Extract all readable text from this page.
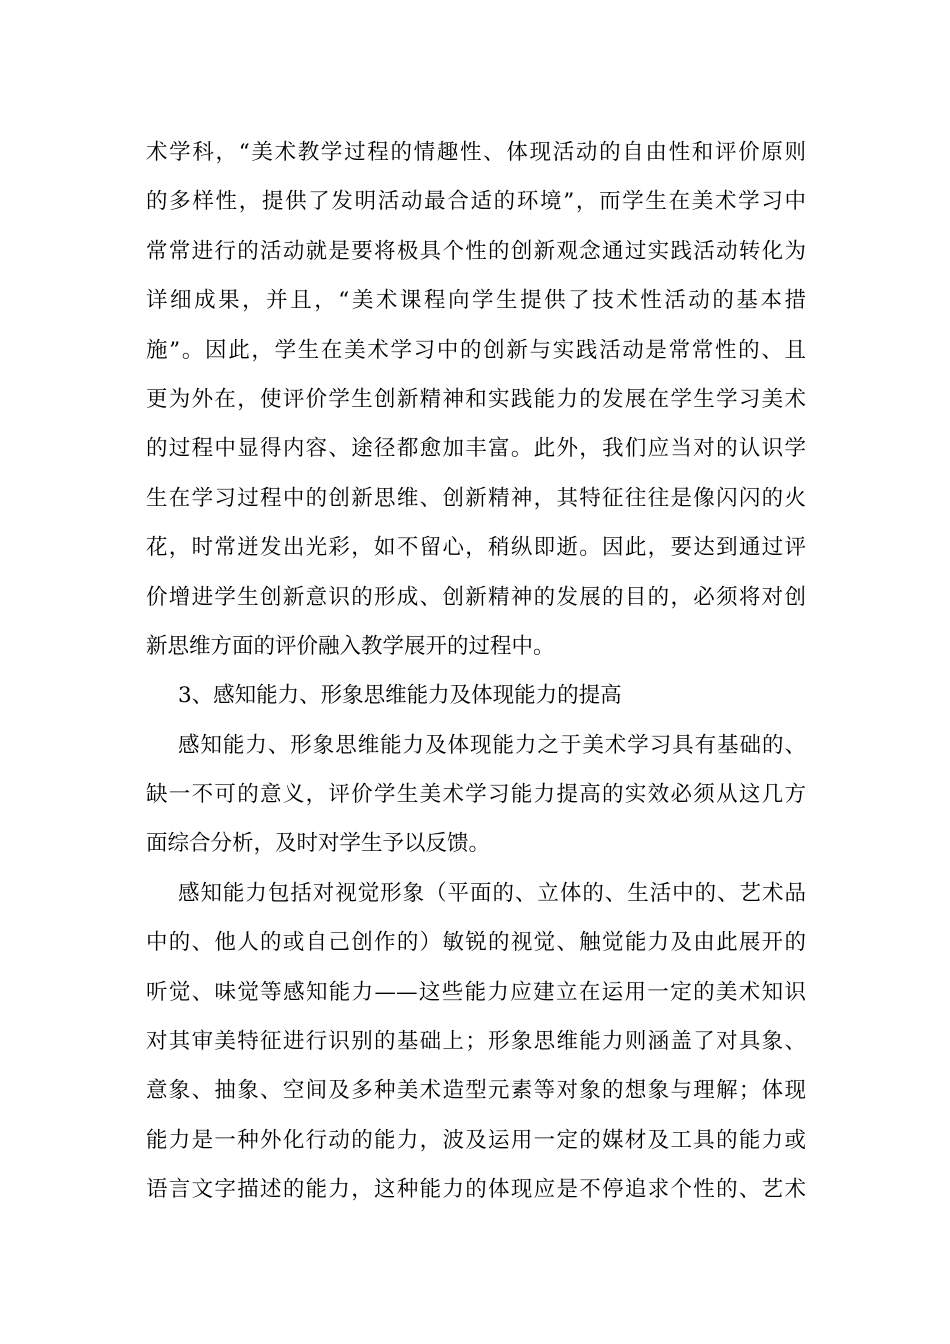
术学科，“美术教学过程的情趣性、体现活动的自由性和评价原则
的多样性，提供了发明活动最合适的环境”，而学生在美术学习中
常常进行的活动就是要将极具个性的创新观念通过实践活动转化为
详细成果，并且，“美术课程向学生提供了技术性活动的基本措
施”。因此，学生在美术学习中的创新与实践活动是常常性的、且
更为外在，使评价学生创新精神和实践能力的发展在学生学习美术
的过程中显得内容、途径都愈加丰富。此外，我们应当对的认识学
生在学习过程中的创新思维、创新精神，其特征往往是像闪闪的火
花，时常迸发出光彩，如不留心，稍纵即逝。因此，要达到通过评
价增进学生创新意识的形成、创新精神的发展的目的，必须将对创
新思维方面的评价融入教学展开的过程中。
3、感知能力、形象思维能力及体现能力的提高
感知能力、形象思维能力及体现能力之于美术学习具有基础的、
缺一不可的意义，评价学生美术学习能力提高的实效必须从这几方
面综合分析，及时对学生予以反馈。
感知能力包括对视觉形象（平面的、立体的、生活中的、艺术品
中的、他人的或自己创作的）敏锐的视觉、触觉能力及由此展开的
听觉、味觉等感知能力——这些能力应建立在运用一定的美术知识
对其审美特征进行识别的基础上；形象思维能力则涵盖了对具象、
意象、抽象、空间及多种美术造型元素等对象的想象与理解；体现
能力是一种外化行动的能力，波及运用一定的媒材及工具的能力或
语言文字描述的能力，这种能力的体现应是不停追求个性的、艺术
